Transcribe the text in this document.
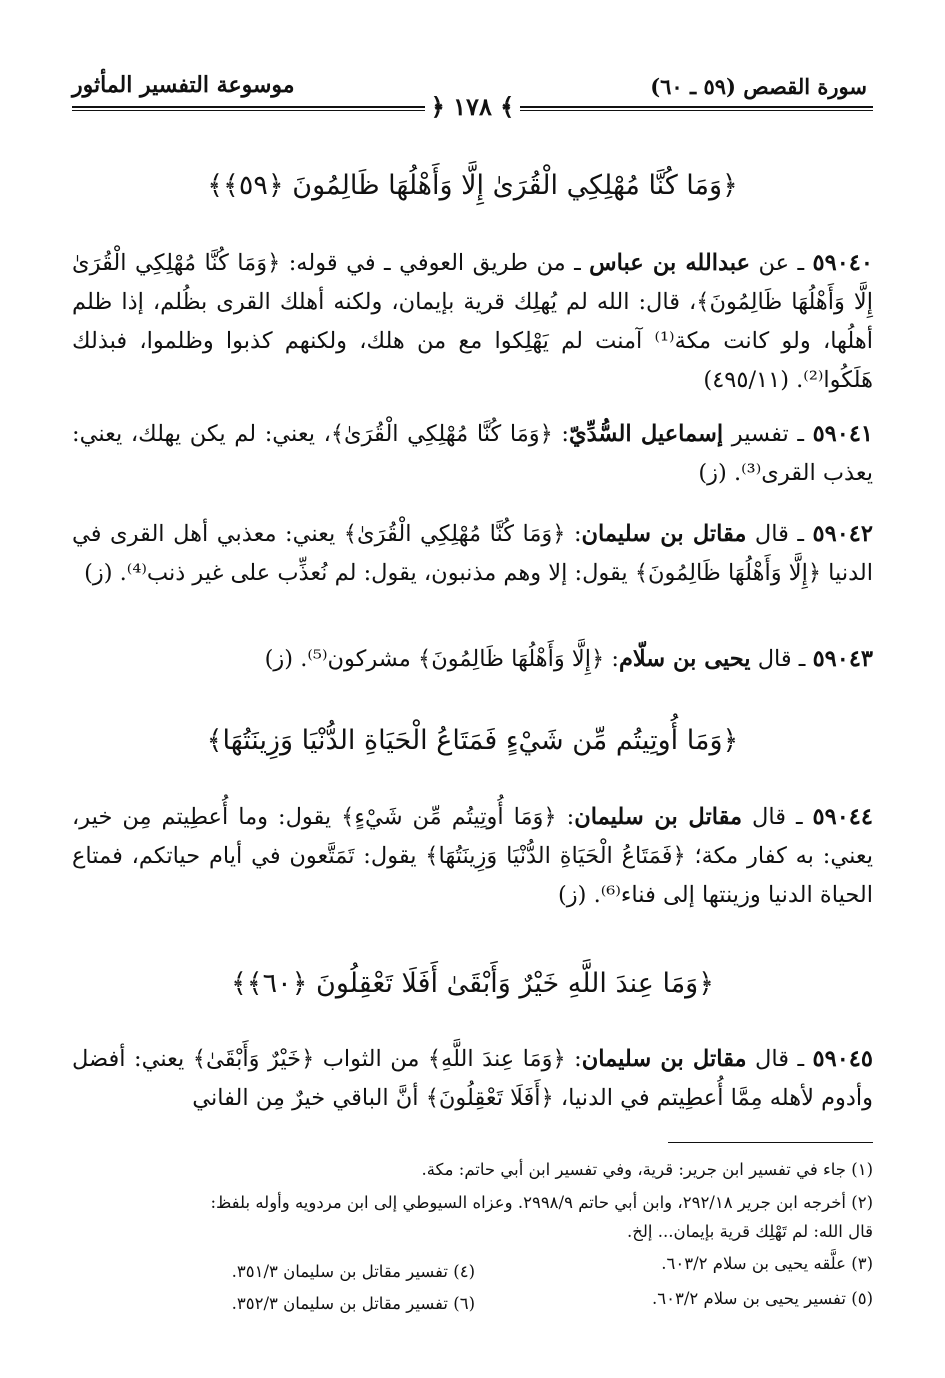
سورة القصص (٥٩ ـ ٦٠)
موسوعة التفسير المأثور
﴿ ١٧٨ ﴾
﴿وَمَا كُنَّا مُهْلِكِي الْقُرَىٰ إِلَّا وَأَهْلُهَا ظَالِمُونَ ﴿٥٩﴾﴾
٥٩٠٤٠ ـ عن عبدالله بن عباس ـ من طريق العوفي ـ في قوله: ﴿وَمَا كُنَّا مُهْلِكِي الْقُرَىٰ إِلَّا وَأَهْلُهَا ظَالِمُونَ﴾، قال: الله لم يُهلِك قرية بإيمان، ولكنه أهلك القرى بظُلم، إذا ظلم أهلُها، ولو كانت مكة⁽¹⁾ آمنت لم يَهْلِكوا مع من هلك، ولكنهم كذبوا وظلموا، فبذلك هَلَكُوا⁽²⁾. (٤٩٥/١١)
٥٩٠٤١ ـ تفسير إسماعيل السُّدِّيّ: ﴿وَمَا كُنَّا مُهْلِكِي الْقُرَىٰ﴾، يعني: لم يكن يهلك، يعني: يعذب القرى⁽³⁾. (ز)
٥٩٠٤٢ ـ قال مقاتل بن سليمان: ﴿وَمَا كُنَّا مُهْلِكِي الْقُرَىٰ﴾ يعني: معذبي أهل القرى في الدنيا ﴿إِلَّا وَأَهْلُهَا ظَالِمُونَ﴾ يقول: إلا وهم مذنبون، يقول: لم نُعذِّب على غير ذنب⁽⁴⁾. (ز)
٥٩٠٤٣ ـ قال يحيى بن سلّام: ﴿إِلَّا وَأَهْلُهَا ظَالِمُونَ﴾ مشركون⁽⁵⁾. (ز)
﴿وَمَا أُوتِيتُم مِّن شَيْءٍ فَمَتَاعُ الْحَيَاةِ الدُّنْيَا وَزِينَتُهَا﴾
٥٩٠٤٤ ـ قال مقاتل بن سليمان: ﴿وَمَا أُوتِيتُم مِّن شَيْءٍ﴾ يقول: وما أُعطِيتم مِن خير، يعني: به كفار مكة؛ ﴿فَمَتَاعُ الْحَيَاةِ الدُّنْيَا وَزِينَتُهَا﴾ يقول: تَمَتَّعون في أيام حياتكم، فمتاع الحياة الدنيا وزينتها إلى فناء⁽⁶⁾. (ز)
﴿وَمَا عِندَ اللَّهِ خَيْرٌ وَأَبْقَىٰ أَفَلَا تَعْقِلُونَ ﴿٦٠﴾﴾
٥٩٠٤٥ ـ قال مقاتل بن سليمان: ﴿وَمَا عِندَ اللَّهِ﴾ من الثواب ﴿خَيْرٌ وَأَبْقَىٰ﴾ يعني: أفضل وأدوم لأهله مِمَّا أُعطِيتم في الدنيا، ﴿أَفَلَا تَعْقِلُونَ﴾ أنَّ الباقي خيرٌ مِن الفاني
(١) جاء في تفسير ابن جرير: قرية، وفي تفسير ابن أبي حاتم: مكة.
(٢) أخرجه ابن جرير ٢٩٢/١٨، وابن أبي حاتم ٢٩٩٨/٩. وعزاه السيوطي إلى ابن مردويه وأوله بلفظ:
قال الله: لم تَهْلِك قرية بإيمان... إلخ.
(٣) علَّقه يحيى بن سلام ٦٠٣/٢.
(٤) تفسير مقاتل بن سليمان ٣٥١/٣.
(٥) تفسير يحيى بن سلام ٦٠٣/٢.
(٦) تفسير مقاتل بن سليمان ٣٥٢/٣.
